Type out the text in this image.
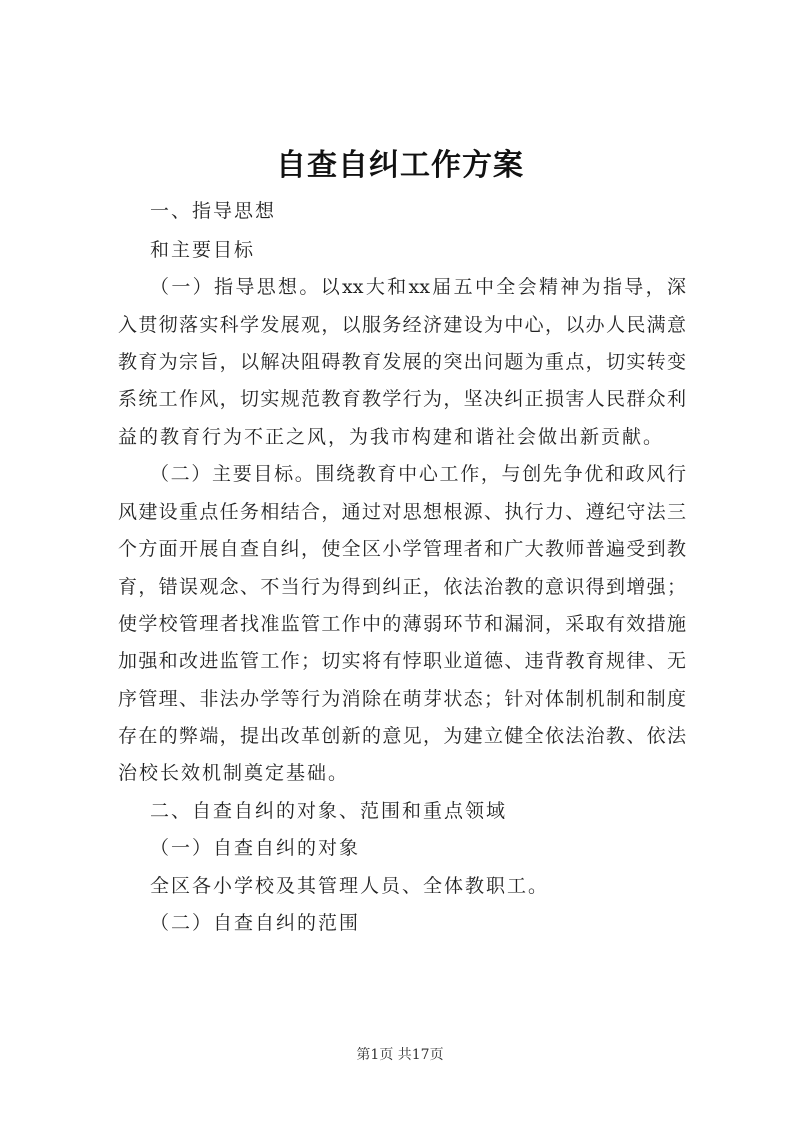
自查自纠工作方案
一、指导思想
和主要目标
（一）指导思想。以xx大和xx届五中全会精神为指导，深
入贯彻落实科学发展观，以服务经济建设为中心，以办人民满意
教育为宗旨，以解决阻碍教育发展的突出问题为重点，切实转变
系统工作风，切实规范教育教学行为，坚决纠正损害人民群众利
益的教育行为不正之风，为我市构建和谐社会做出新贡献。
（二）主要目标。围绕教育中心工作，与创先争优和政风行
风建设重点任务相结合，通过对思想根源、执行力、遵纪守法三
个方面开展自查自纠，使全区小学管理者和广大教师普遍受到教
育，错误观念、不当行为得到纠正，依法治教的意识得到增强；
使学校管理者找准监管工作中的薄弱环节和漏洞，采取有效措施
加强和改进监管工作；切实将有悖职业道德、违背教育规律、无
序管理、非法办学等行为消除在萌芽状态；针对体制机制和制度
存在的弊端，提出改革创新的意见，为建立健全依法治教、依法
治校长效机制奠定基础。
二、自查自纠的对象、范围和重点领域
（一）自查自纠的对象
全区各小学校及其管理人员、全体教职工。
（二）自查自纠的范围
第1页 共17页
